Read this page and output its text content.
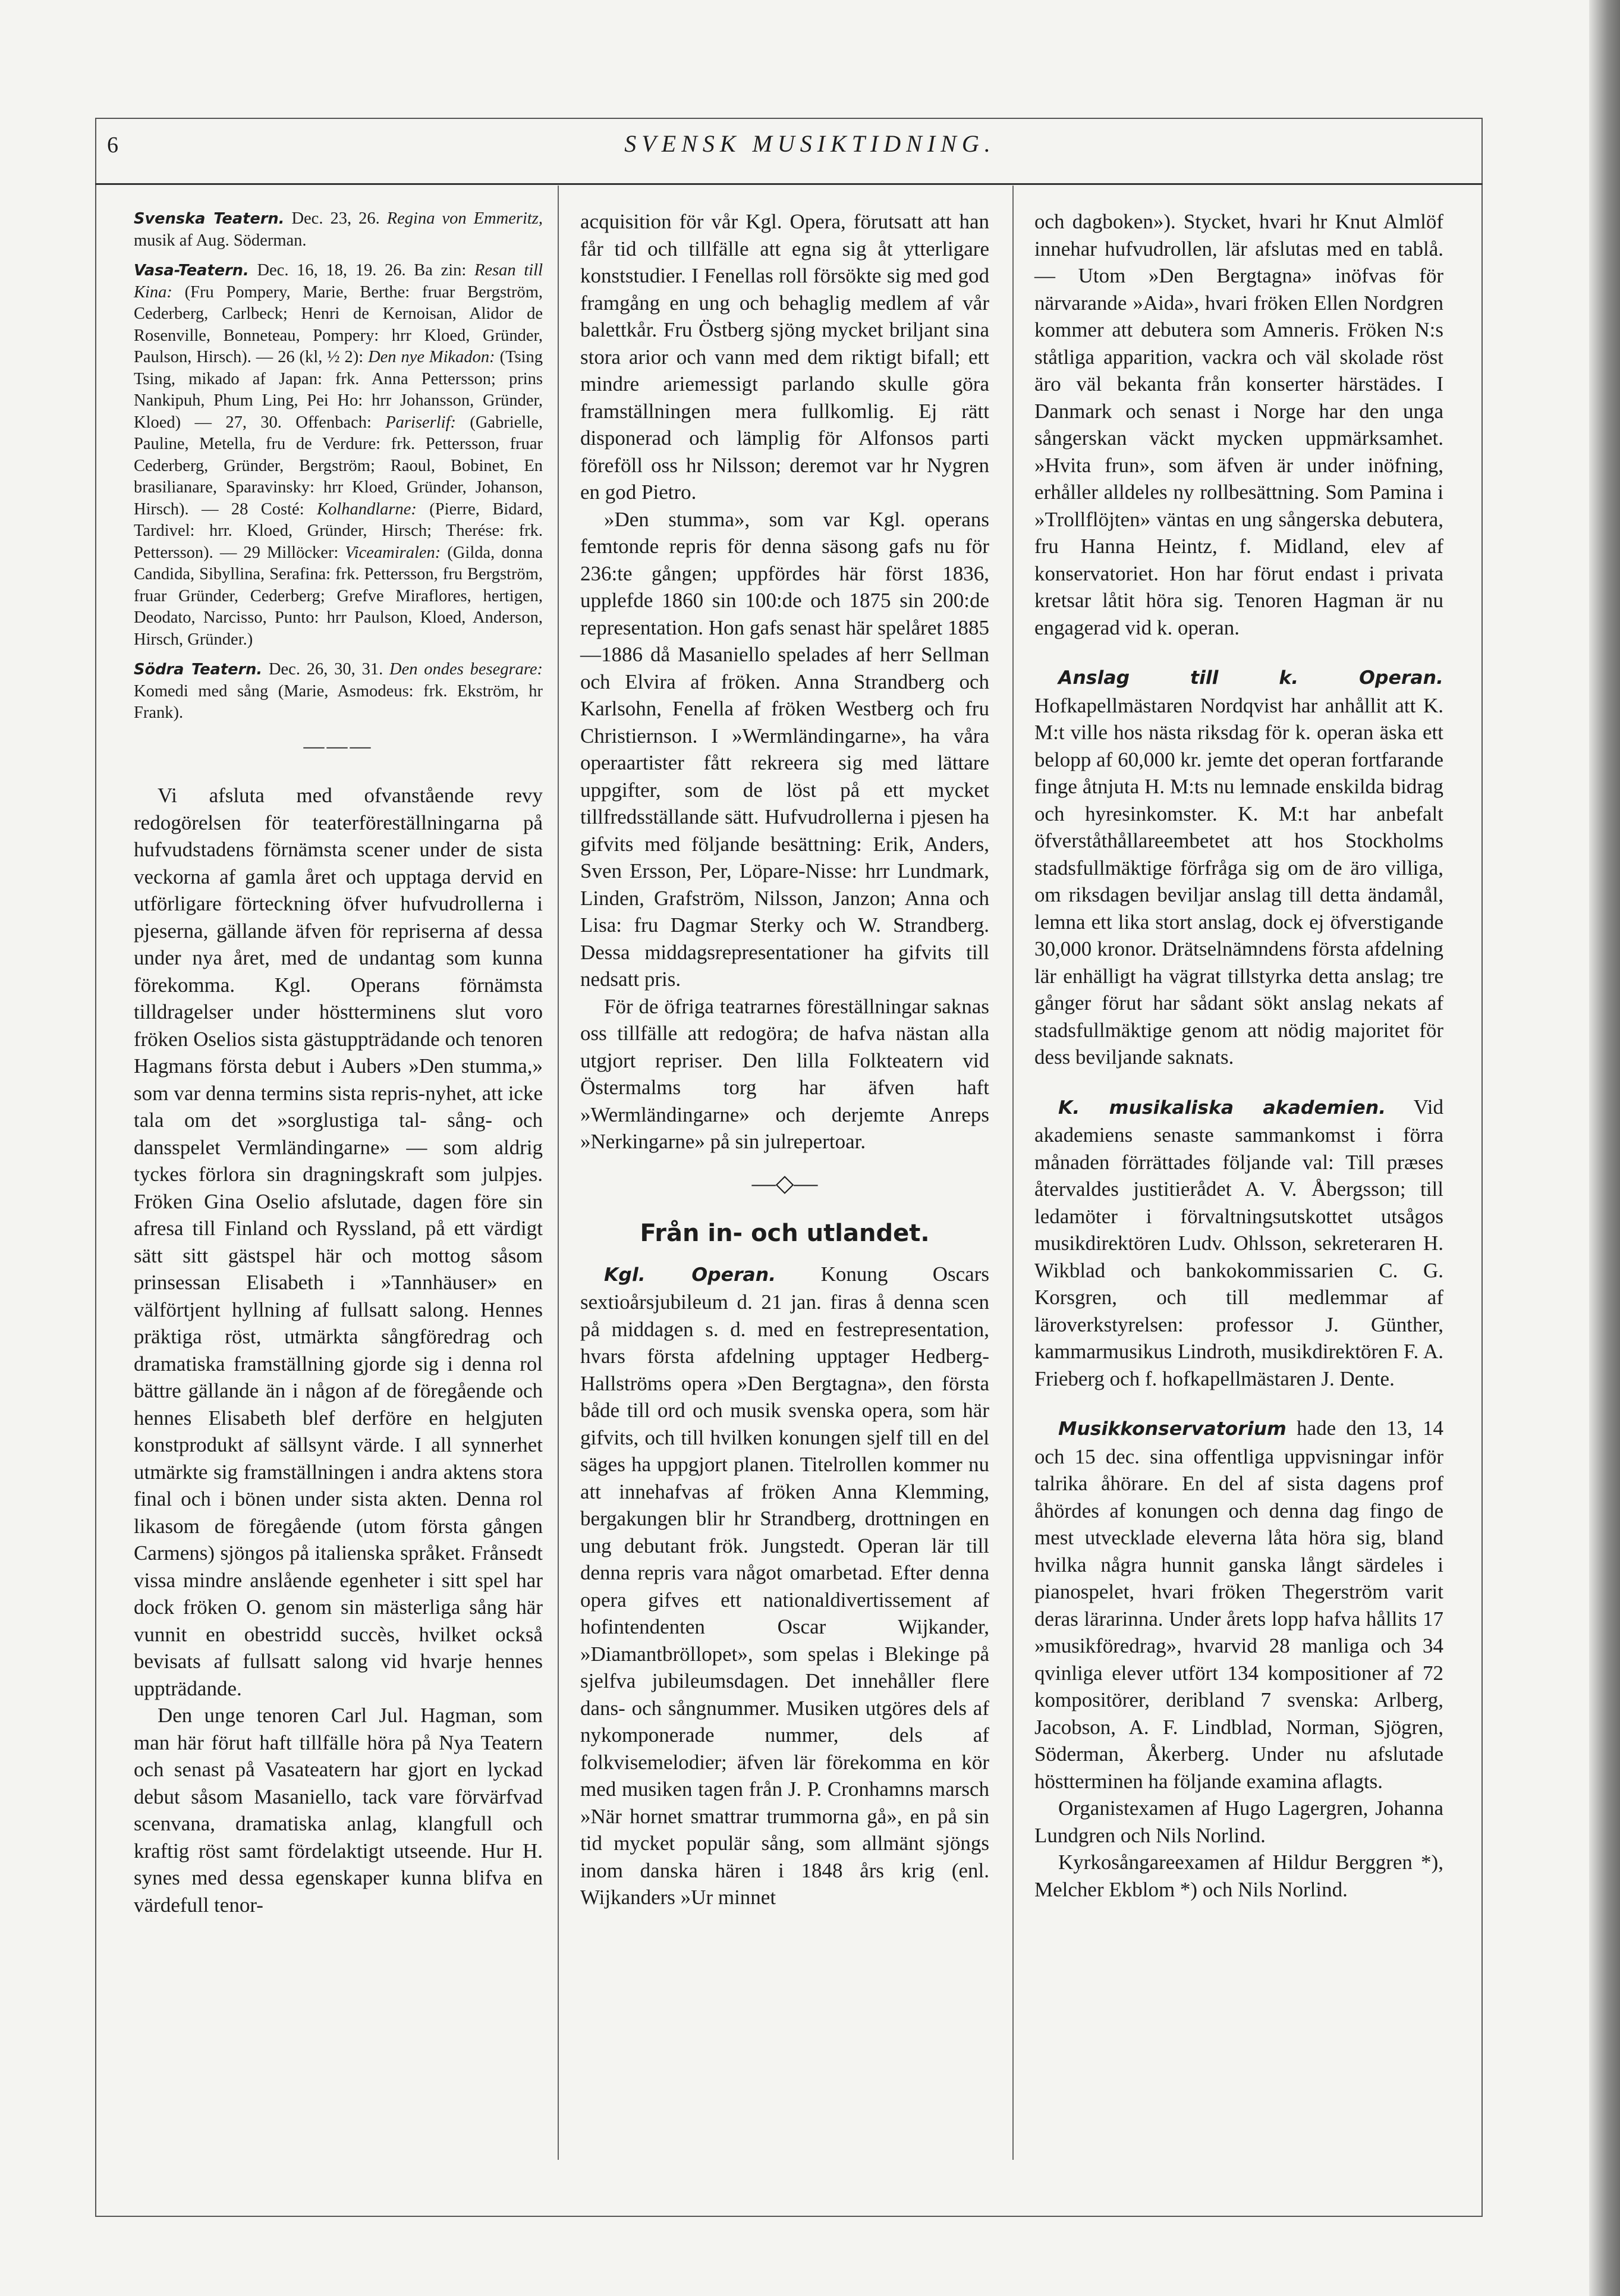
6	SVENSK MUSIKTIDNING.

Svenska Teatern. Dec. 23, 26. Regina von Emmeritz, musik af Aug. Söderman.

Vasa-Teatern. Dec. 16, 18, 19. 26. Ba zin: Resan till Kina: (Fru Pompery, Marie, Berthe: fruar Bergström, Cederberg, Carlbeck; Henri de Kernoisan, Alidor de Rosenville, Bonneteau, Pompery: hrr Kloed, Gründer, Paulson, Hirsch). — 26 (kl, ½ 2): Den nye Mikadon: (Tsing Tsing, mikado af Japan: frk. Anna Pettersson; prins Nankipuh, Phum Ling, Pei Ho: hrr Johansson, Gründer, Kloed) — 27, 30. Offenbach: Pariserlif: (Gabrielle, Pauline, Metella, fru de Verdure: frk. Pettersson, fruar Cederberg, Gründer, Bergström; Raoul, Bobinet, En brasilianare, Sparavinsky: hrr Kloed, Gründer, Johanson, Hirsch). — 28 Costé: Kolhandlarne: (Pierre, Bidard, Tardivel: hrr. Kloed, Gründer, Hirsch; Therése: frk. Pettersson). — 29 Millöcker: Viceamiralen: (Gilda, donna Candida, Sibyllina, Serafina: frk. Pettersson, fru Bergström, fruar Gründer, Cederberg; Grefve Miraflores, hertigen, Deodato, Narcisso, Punto: hrr Paulson, Kloed, Anderson, Hirsch, Gründer.)

Södra Teatern. Dec. 26, 30, 31. Den ondes besegrare: Komedi med sång (Marie, Asmodeus: frk. Ekström, hr Frank).

———

Vi afsluta med ofvanstående revy redogörelsen för teaterföreställningarna på hufvudstadens förnämsta scener under de sista veckorna af gamla året och upptaga dervid en utförligare förteckning öfver hufvudrollerna i pjeserna, gällande äfven för repriserna af dessa under nya året, med de undantag som kunna förekomma. Kgl. Operans förnämsta tilldragelser under höstterminens slut voro fröken Oselios sista gästuppträdande och tenoren Hagmans första debut i Aubers »Den stumma,» som var denna termins sista repris-nyhet, att icke tala om det »sorglustiga tal- sång- och dansspelet Vermländingarne» — som aldrig tyckes förlora sin dragningskraft som julpjes. Fröken Gina Oselio afslutade, dagen före sin afresa till Finland och Ryssland, på ett värdigt sätt sitt gästspel här och mottog såsom prinsessan Elisabeth i »Tannhäuser» en välförtjent hyllning af fullsatt salong. Hennes präktiga röst, utmärkta sångföredrag och dramatiska framställning gjorde sig i denna rol bättre gällande än i någon af de föregående och hennes Elisabeth blef derföre en helgjuten konstprodukt af sällsynt värde. I all synnerhet utmärkte sig framställningen i andra aktens stora final och i bönen under sista akten. Denna rol likasom de föregående (utom första gången Carmens) sjöngos på italienska språket. Frånsedt vissa mindre anslående egenheter i sitt spel har dock fröken O. genom sin mästerliga sång här vunnit en obestridd succès, hvilket också bevisats af fullsatt salong vid hvarje hennes uppträdande.

Den unge tenoren Carl Jul. Hagman, som man här förut haft tillfälle höra på Nya Teatern och senast på Vasateatern har gjort en lyckad debut såsom Masaniello, tack vare förvärfvad scenvana, dramatiska anlag, klangfull och kraftig röst samt fördelaktigt utseende. Hur H. synes med dessa egenskaper kunna blifva en värdefull tenor-

acquisition för vår Kgl. Opera, förutsatt att han får tid och tillfälle att egna sig åt ytterligare konststudier. I Fenellas roll försökte sig med god framgång en ung och behaglig medlem af vår balettkår. Fru Östberg sjöng mycket briljant sina stora arior och vann med dem riktigt bifall; ett mindre ariemessigt parlando skulle göra framställningen mera fullkomlig. Ej rätt disponerad och lämplig för Alfonsos parti föreföll oss hr Nilsson; deremot var hr Nygren en god Pietro.

»Den stumma», som var Kgl. operans femtonde repris för denna säsong gafs nu för 236:te gången; uppfördes här först 1836, upplefde 1860 sin 100:de och 1875 sin 200:de representation. Hon gafs senast här spelåret 1885—1886 då Masaniello spelades af herr Sellman och Elvira af fröken. Anna Strandberg och Karlsohn, Fenella af fröken Westberg och fru Christiernson. I »Wermländingarne», ha våra operaartister fått rekreera sig med lättare uppgifter, som de löst på ett mycket tillfredsställande sätt. Hufvudrollerna i pjesen ha gifvits med följande besättning: Erik, Anders, Sven Ersson, Per, Löpare-Nisse: hrr Lundmark, Linden, Grafström, Nilsson, Janzon; Anna och Lisa: fru Dagmar Sterky och W. Strandberg. Dessa middagsrepresentationer ha gifvits till nedsatt pris.

För de öfriga teatrarnes föreställningar saknas oss tillfälle att redogöra; de hafva nästan alla utgjort repriser. Den lilla Folkteatern vid Östermalms torg har äfven haft »Wermländingarne» och derjemte Anreps »Nerkingarne» på sin julrepertoar.

—◇—

Från in- och utlandet.

Kgl. Operan. Konung Oscars sextioårsjubileum d. 21 jan. firas å denna scen på middagen s. d. med en festrepresentation, hvars första afdelning upptager Hedberg-Hallströms opera »Den Bergtagna», den första både till ord och musik svenska opera, som här gifvits, och till hvilken konungen sjelf till en del säges ha uppgjort planen. Titelrollen kommer nu att innehafvas af fröken Anna Klemming, bergakungen blir hr Strandberg, drottningen en ung debutant frök. Jungstedt. Operan lär till denna repris vara något omarbetad. Efter denna opera gifves ett nationaldivertissement af hofintendenten Oscar Wijkander, »Diamantbröllopet», som spelas i Blekinge på sjelfva jubileumsdagen. Det innehåller flere dans- och sångnummer. Musiken utgöres dels af nykomponerade nummer, dels af folkvisemelodier; äfven lär förekomma en kör med musiken tagen från J. P. Cronhamns marsch »När hornet smattrar trummorna gå», en på sin tid mycket populär sång, som allmänt sjöngs inom danska hären i 1848 års krig (enl. Wijkanders »Ur minnet

och dagboken»). Stycket, hvari hr Knut Almlöf innehar hufvudrollen, lär afslutas med en tablå. — Utom »Den Bergtagna» inöfvas för närvarande »Aida», hvari fröken Ellen Nordgren kommer att debutera som Amneris. Fröken N:s ståtliga apparition, vackra och väl skolade röst äro väl bekanta från konserter härstädes. I Danmark och senast i Norge har den unga sångerskan väckt mycken uppmärksamhet. »Hvita frun», som äfven är under inöfning, erhåller alldeles ny rollbesättning. Som Pamina i »Trollflöjten» väntas en ung sångerska debutera, fru Hanna Heintz, f. Midland, elev af konservatoriet. Hon har förut endast i privata kretsar låtit höra sig. Tenoren Hagman är nu engagerad vid k. operan.

Anslag till k. Operan. Hofkapellmästaren Nordqvist har anhållit att K. M:t ville hos nästa riksdag för k. operan äska ett belopp af 60,000 kr. jemte det operan fortfarande finge åtnjuta H. M:ts nu lemnade enskilda bidrag och hyresinkomster. K. M:t har anbefalt öfverståthållareembetet att hos Stockholms stadsfullmäktige förfråga sig om de äro villiga, om riksdagen beviljar anslag till detta ändamål, lemna ett lika stort anslag, dock ej öfverstigande 30,000 kronor. Drätselnämndens första afdelning lär enhälligt ha vägrat tillstyrka detta anslag; tre gånger förut har sådant sökt anslag nekats af stadsfullmäktige genom att nödig majoritet för dess beviljande saknats.

K. musikaliska akademien. Vid akademiens senaste sammankomst i förra månaden förrättades följande val: Till præses återvaldes justitierådet A. V. Åbergsson; till ledamöter i förvaltningsutskottet utsågos musikdirektören Ludv. Ohlsson, sekreteraren H. Wikblad och bankokommissarien C. G. Korsgren, och till medlemmar af läroverkstyrelsen: professor J. Günther, kammarmusikus Lindroth, musikdirektören F. A. Frieberg och f. hofkapellmästaren J. Dente.

Musikkonservatorium hade den 13, 14 och 15 dec. sina offentliga uppvisningar inför talrika åhörare. En del af sista dagens prof åhördes af konungen och denna dag fingo de mest utvecklade eleverna låta höra sig, bland hvilka några hunnit ganska långt särdeles i pianospelet, hvari fröken Thegerström varit deras lärarinna. Under årets lopp hafva hållits 17 »musikföredrag», hvarvid 28 manliga och 34 qvinliga elever utfört 134 kompositioner af 72 kompositörer, deribland 7 svenska: Arlberg, Jacobson, A. F. Lindblad, Norman, Sjögren, Söderman, Åkerberg. Under nu afslutade höstterminen ha följande examina aflagts.

Organistexamen af Hugo Lagergren, Johanna Lundgren och Nils Norlind.

Kyrkosångareexamen af Hildur Berggren *), Melcher Ekblom *) och Nils Norlind.
